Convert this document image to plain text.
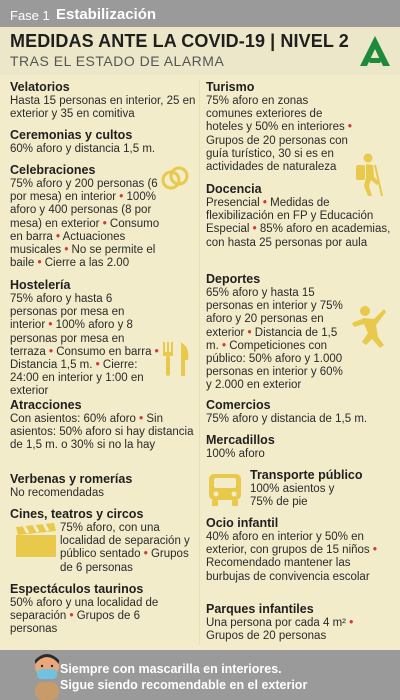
Fase 1 Estabilización
MEDIDAS ANTE LA COVID-19 | NIVEL 2
TRAS EL ESTADO DE ALARMA
Velatorios

Hasta 15 personas en interior, 25 en exterior y 35 en comitiva

Ceremonias y cultos

60% aforo y distancia 1,5 m.

Celebraciones

75% aforo y 200 personas (6 por mesa) en interior • 100% aforo y 400 personas (8 por mesa) en exterior • Consumo en barra • Actuaciones musicales • No se permite el baile • Cierre a las 2.00

Hostelería

75% aforo y hasta 6 personas por mesa en interior • 100% aforo y 8 personas por mesa en terraza • Consumo en barra • Distancia 1,5 m. • Cierre: 24:00 en interior y 1:00 en exterior

Atracciones

Con asientos: 60% aforo • Sin asientos: 50% aforo si hay distancia de 1,5 m. o 30% si no la hay

Verbenas y romerías

No recomendadas

Cines, teatros y circos

75% aforo, con una localidad de separación y público sentado • Grupos de 6 personas

Espectáculos taurinos

50% aforo y una localidad de separación • Grupos de 6 personas

Turismo

75% aforo en zonas comunes exteriores de hoteles y 50% en interiores • Grupos de 20 personas con guía turístico, 30 si es en actividades de naturaleza

Docencia

Presencial • Medidas de flexibilización en FP y Educación Especial • 85% aforo en academias, con hasta 25 personas por aula

Deportes

65% aforo y hasta 15 personas en interior y 75% aforo y 20 personas en exterior • Distancia de 1,5 m. • Competiciones con público: 50% aforo y 1.000 personas en interior y 60% y 2.000 en exterior

Comercios

75% aforo y distancia de 1,5 m.

Mercadillos

100% aforo

Transporte público

100% asientos y 75% de pie

Ocio infantil

40% aforo en interior y 50% en exterior, con grupos de 15 niños • Recomendado mantener las burbujas de convivencia escolar

Parques infantiles

Una persona por cada 4 m² • Grupos de 20 personas

Siempre con mascarilla en interiores.
Sigue siendo recomendable en el exterior
